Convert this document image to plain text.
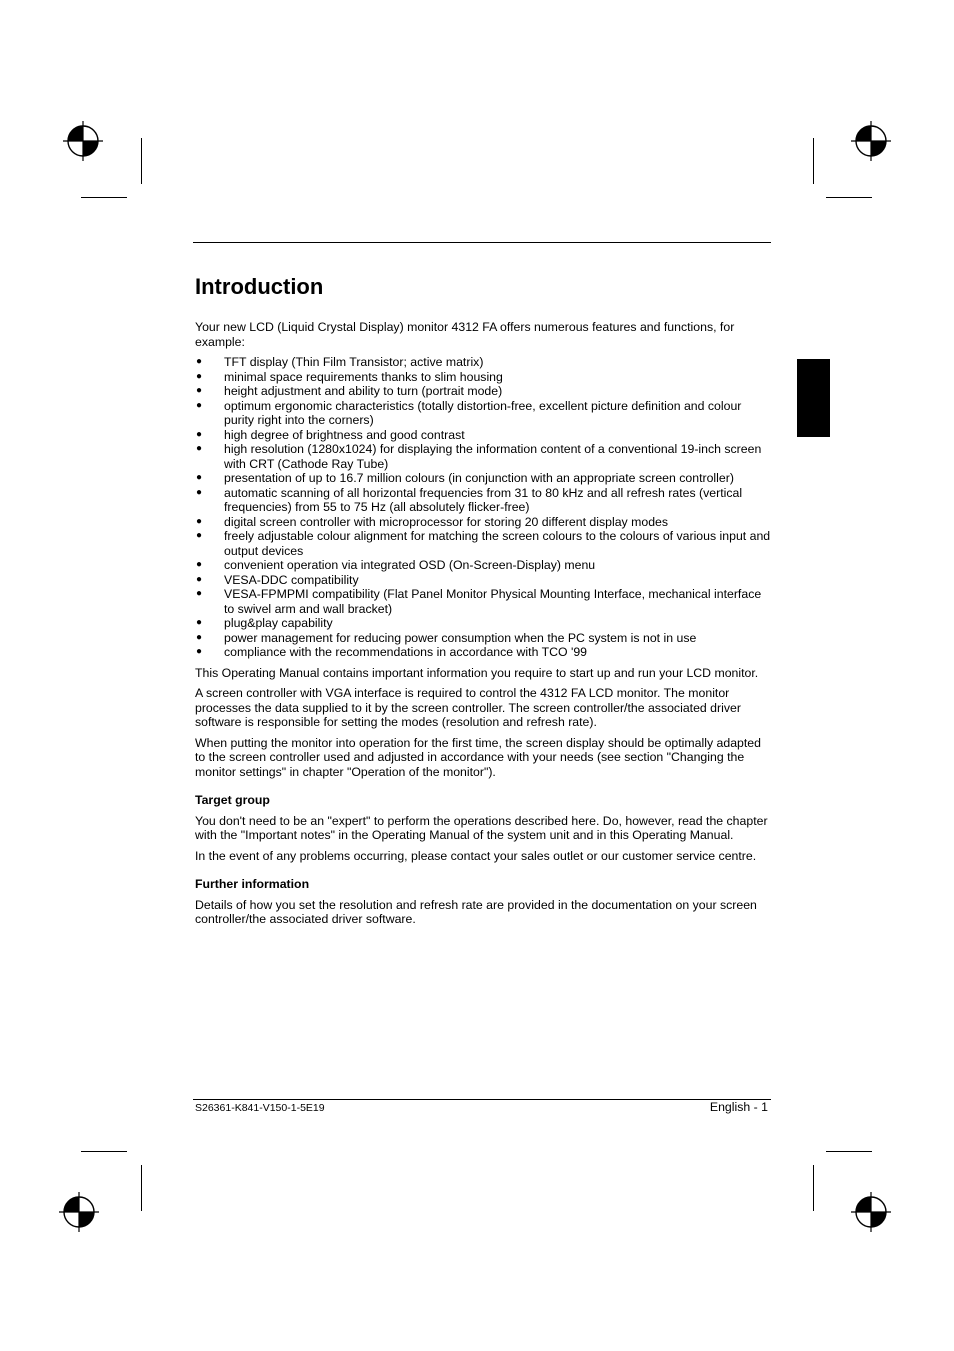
Introduction

Your new LCD (Liquid Crystal Display) monitor 4312 FA offers numerous features and functions, for example:

● TFT display (Thin Film Transistor; active matrix)
● minimal space requirements thanks to slim housing
● height adjustment and ability to turn (portrait mode)
● optimum ergonomic characteristics (totally distortion-free, excellent picture definition and colour purity right into the corners)
● high degree of brightness and good contrast
● high resolution (1280x1024) for displaying the information content of a conventional 19-inch screen with CRT (Cathode Ray Tube)
● presentation of up to 16.7 million colours (in conjunction with an appropriate screen controller)
● automatic scanning of all horizontal frequencies from 31 to 80 kHz and all refresh rates (vertical frequencies) from 55 to 75 Hz (all absolutely flicker-free)
● digital screen controller with microprocessor for storing 20 different display modes
● freely adjustable colour alignment for matching the screen colours to the colours of various input and output devices
● convenient operation via integrated OSD (On-Screen-Display) menu
● VESA-DDC compatibility
● VESA-FPMPMI compatibility (Flat Panel Monitor Physical Mounting Interface, mechanical interface to swivel arm and wall bracket)
● plug&play capability
● power management for reducing power consumption when the PC system is not in use
● compliance with the recommendations in accordance with TCO '99

This Operating Manual contains important information you require to start up and run your LCD monitor.

A screen controller with VGA interface is required to control the 4312 FA LCD monitor. The monitor processes the data supplied to it by the screen controller. The screen controller/the associated driver software is responsible for setting the modes (resolution and refresh rate).

When putting the monitor into operation for the first time, the screen display should be optimally adapted to the screen controller used and adjusted in accordance with your needs (see section "Changing the monitor settings" in chapter "Operation of the monitor").

Target group

You don't need to be an "expert" to perform the operations described here. Do, however, read the chapter with the "Important notes" in the Operating Manual of the system unit and in this Operating Manual.

In the event of any problems occurring, please contact your sales outlet or our customer service centre.

Further information

Details of how you set the resolution and refresh rate are provided in the documentation on your screen controller/the associated driver software.

S26361-K841-V150-1-5E19	English - 1
